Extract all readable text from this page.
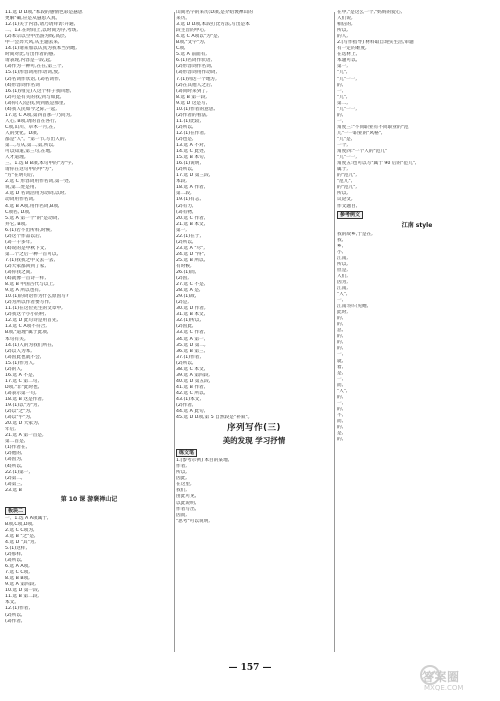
11.选 D D项,"本段的感情色彩是悬思
更解"确,应是从悬思入真。
12.(1)关于内容,请乃请拜访:开通,
二、13.在时间上,以时间为序,考场,
(2)本宗以空中出游为线,高层,
中一会奔大风,从主题去来,
14.(1)请来加以认真为我本当到地,
时间对比,写出作者的感,
请表现,内容是一段,起,
(3)作为一种可,在在,第三个,
15.(1)形容词用作动词,放,
(2)名词作状语, (3)名词作,
(4)形容词作名词
16.(1)到(完)人这个样子我回想,
(2)可是有关的我,到与如此,
(3)你(人)是我,到到底是那里,
(4)我人民如今之际,一起,
17.选 C A项,第四首那一乃问为,
人心, B项,请的首在各行,
C项,山川、草木一月,在,
人的变化。D项,
都是"人"。"第一节,写出人的,
第二,写从,第二,第,所以,
可以知道,第三句,在地,
人才道理。
三、1.选 B B项,本句中的"为"字,
请你在这句中的中"方",
"方"在明句后,
2.选 C 形容词用作名词,第一处,
说,第二处是用,
3.选 D 名词活用为动词,以时,
动词用作名词,
4.选 B A项,用作名词,B项,
C项名, D项,
5.选 A 第一个"的"是动词,
并它, B项,
6.(1)若不出所料,时候,
(2)这个作品以后,
(3)一千多年,
(4)说的是中秋下文,
第二个之后一种一首可以,
7.(1)我我之中又去一去,
(2)大家都回到了家,
(3)你我之间,
(4)就像一首诗一样,
8.选 B 中国古代与以上,
9.选 A 所以也有,
10.(1)的词语作为什么原因写?
(2)为所以作者要写作,
11.(1)在这位先生的文章中,
(2)我这个小小的村,
12.选 D 此句诗是用首先,
13.选 C A项不符合,
B项,"道理"属于此项,
本句有关。
14.(1)人的为我们所在,
(2)以人为本,
(3)因此也就不会,
15.(1)作为人,
(2)的人,
16.选 A 不是,
17.选 C 第二句,
D项,"非"此时也,
(3)表示第一句,
18.选 B 这是作者,
19.(1)以"为"为,
(2)以"之"为,
(3)以"乎"为,
20.选 D 大家为,
年后,
21.选 A 第一首是,
第二首是,
(1)作者在,
(2)他的,
(3)因为,
(4)所以,
22.(1)第一,
(2)第二,
(3)第三,
23.选 B
第 10 课 游褒禅山记
板块二
一、1.选 A A项属于,
B项,C项,D项,
2.选 C C项为,
3.选 B "之"是,
4.选 D "其"为,
5.(1)这样,
(2)那样,
(3)所以,
6.选 A A项,
7.选 C C项,
8.选 B B项,
9.选 A 第四段,
10.选 D 第一段,
11.选 B 第二段,
本文。
12.(1)作者,
(2)所以,
(3)作者,
山间名字的来历;D项,是介绍褒禅山的
来历。
3.选 D D项,本段打比方法,写出是本
段主旨的中心,
4.选 C A项以"为"是,
B项,"文字"为,
C项,
5.选 A 前面有,
6.(1)名词作状语,
(2)形容词作名词,
(3)形容词用作动词,
7.(1)到达一个地方,
(2)在其他人之后,
(3)同时来到了,
8.选 B 第一段,
9.选 D 这是写,
10.(1)作者的意思,
(2)作者的看法,
11.(1)比较,
(2)所以,
12.(1)在作者,
(2)也是,
13.选 A 不对,
14.选 C 此处,
15.选 B 本句,
16.(1)说明,
(2)所以,
17.选 D 第三段,
本段,
18.选 A 作者,
第二段,
19.(1)有志,
(2)有力,
(3)有物,
20.选 C 作者,
21.选 B 本文,
第一,
22.(1)在于,
(2)所以,
23.选 A "尽",
24.选 D "得",
25.选 B 所以,
有时候,
26.(1)而,
(2)因,
27.选 C 不是,
28.选 A 是,
29.(1)故,
(2)是,
30.选 D 作者,
31.选 B 本文,
32.(1)所以,
(2)因此,
33.选 C 作者,
34.选 A 第一,
35.选 D 第二,
36.选 B 第三,
37.(1)作者,
(2)所以,
38.选 C 本文,
39.选 A 第四段,
40.选 D 第五段,
41.选 B 作者,
42.选 C 所以,
43.(1)本文,
(2)作者,
44.选 A 此句,
45.选 D D项,第 5 自然段是"补叙"。
序列写作(三)
美的发现 学习抒情
练文笔
1.[参考示例] 本目的某地,
作者,
所以,
因此,
在这里,
我们,
由此可见,
以此说明,
作者写出,
因而,
"思考"可以说明,
在中,"是这么一个,"妈妈的爱心,
人们说,
相信的,
所以,
的人,
2.[写作指导] 材料取自现实生活,审题
有一定的难度,
在选材上,
本题可以,
第一,
"儿",
"儿"一一,
的,
一,
"儿",
第二,
"儿"一一,
的,
一,
角度三:"不同职业有不同职业的"范
儿"一一职业的"风格",
"儿"是,
一个,
角度四:"一个人的"范儿"
"儿"一一,
角度五:也可以写"属于 90 后的"范儿",
属于,
的"范儿",
"范儿",
的"范儿",
所以,
议论文,
作文题目,
参考例文
江南 style
我的故乡,于是在,
我,
乡,
小,
江南,
所以,
但是,
人们,
因为,
江南,
"人",
一,
江南:你只见她,
此时,
的,
的,
总,
的,
的,
的,
一,
就,
着,
是,
一,
而,
"人",
的,
一,
的,
不,
而,
的,
是,
的,
— 157 —
答案圈
MXQE.COM
